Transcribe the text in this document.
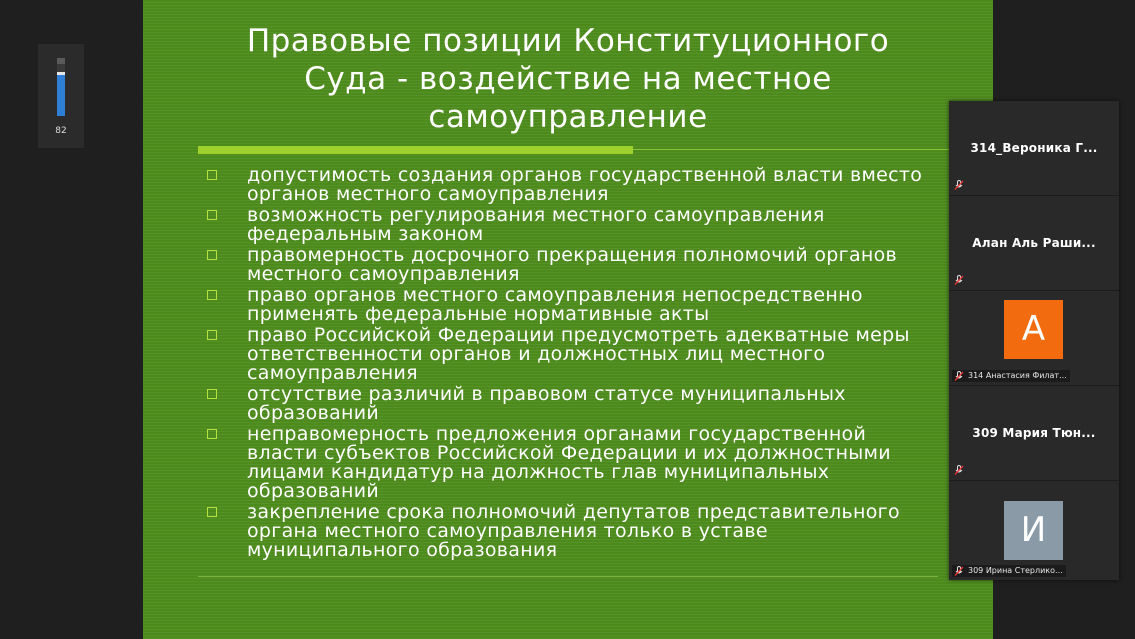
82
Правовые позиции Конституционного Суда - воздействие на местное самоуправление
допустимость создания органов государственной власти вместо органов местного самоуправления
возможность регулирования местного самоуправления федеральным законом
правомерность досрочного прекращения полномочий органов местного самоуправления
право органов местного самоуправления непосредственно применять федеральные нормативные акты
право Российской Федерации предусмотреть адекватные меры ответственности органов и должностных лиц местного самоуправления
отсутствие различий в правовом статусе муниципальных образований
неправомерность предложения органами государственной власти субъектов Российской Федерации и их должностными лицами кандидатур на должность глав муниципальных образований
закрепление срока полномочий депутатов представительного органа местного самоуправления только в уставе муниципального образования
314_Вероника Г...
Алан Аль Раши...
А
314 Анастасия Филат...
309 Мария Тюн...
И
309 Ирина Стерлико...
